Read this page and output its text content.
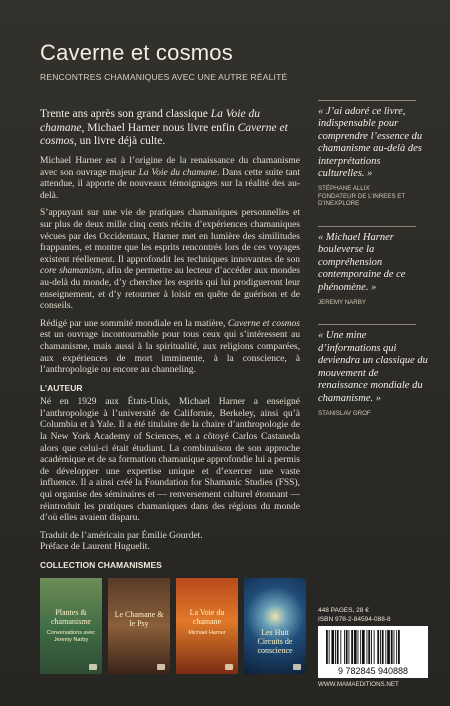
Caverne et cosmos
RENCONTRES CHAMANIQUES AVEC UNE AUTRE RÉALITÉ
Trente ans après son grand classique La Voie du chamane, Michael Harner nous livre enfin Caverne et cosmos, un livre déjà culte.

Michael Harner est à l’origine de la renaissance du chamanisme avec son ouvrage majeur La Voie du chamane. Dans cette suite tant attendue, il apporte de nouveaux témoignages sur la réalité des au-delà.

S’appuyant sur une vie de pratiques chamaniques personnelles et sur plus de deux mille cinq cents récits d’expériences chamaniques vécues par des Occidentaux, Harner met en lumière des similitudes frappantes, et montre que les esprits rencontrés lors de ces voyages existent réellement. Il approfondit les techniques innovantes de son core shamanism, afin de permettre au lecteur d’accéder aux mondes au-delà du monde, d’y chercher les esprits qui lui prodigueront leur enseignement, et d’y retourner à loisir en quête de guérison et de conseils.

Rédigé par une sommité mondiale en la matière, Caverne et cosmos est un ouvrage incontournable pour tous ceux qui s’intéressent au chamanisme, mais aussi à la spiritualité, aux religions comparées, aux expériences de mort imminente, à la conscience, à l’anthropologie ou encore au channeling.

L’AUTEUR

Né en 1929 aux États-Unis, Michael Harner a enseigné l’anthropologie à l’université de Californie, Berkeley, ainsi qu’à Columbia et à Yale. Il a été titulaire de la chaire d’anthropologie de la New York Academy of Sciences, et a côtoyé Carlos Castaneda alors que celui-ci était étudiant. La combinaison de son approche académique et de sa formation chamanique approfondie lui a permis de développer une expertise unique et d’exercer une vaste influence. Il a ainsi créé la Foundation for Shamanic Studies (FSS), qui organise des séminaires et — renversement culturel étonnant — réintroduit les pratiques chamaniques dans des régions du monde d’où elles avaient disparu.

Traduit de l’américain par Émilie Gourdet.
Préface de Laurent Huguelit.
COLLECTION CHAMANISMES
Plantes & chamanisme
Conversations avec Jeremy Narby
Le Chamane & le Psy
La Voie du chamane
Michael Harner	Les Huit Circuits de conscience
« J’ai adoré ce livre, indispensable pour comprendre l’essence du chamanisme au-delà des interprétations culturelles. »
STÉPHANE ALLIX
FONDATEUR DE L’INREES ET D’INEXPLORE
« Michael Harner bouleverse la compréhension contemporaine de ce phénomène. »
JEREMY NARBY
« Une mine d’informations qui deviendra un classique du mouvement de renaissance mondiale du chamanisme. »
STANISLAV GROF
448 PAGES, 28 €
ISBN 978-2-84594-088-8
9 782845 940888
WWW.MAMAEDITIONS.NET
